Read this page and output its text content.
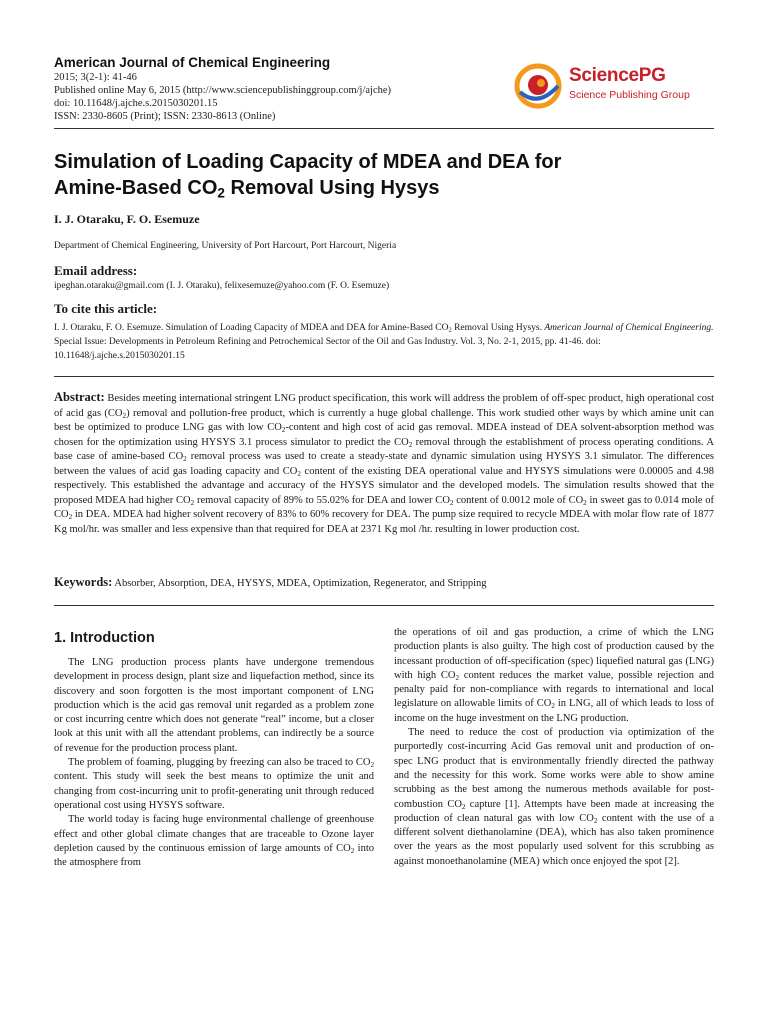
American Journal of Chemical Engineering
2015; 3(2-1): 41-46
Published online May 6, 2015 (http://www.sciencepublishinggroup.com/j/ajche)
doi: 10.11648/j.ajche.s.2015030201.15
ISSN: 2330-8605 (Print); ISSN: 2330-8613 (Online)
SciencePG
Science Publishing Group
Simulation of Loading Capacity of MDEA and DEA for
Amine-Based $CO_2$ Removal Using Hysys
I. J. Otaraku, F. O. Esemuze
Department of Chemical Engineering, University of Port Harcourt, Port Harcourt, Nigeria
Email address:
ipeghan.otaraku@gmail.com (I. J. Otaraku), felixesemuze@yahoo.com (F. O. Esemuze)
To cite this article:
I. J. Otaraku, F. O. Esemuze. Simulation of Loading Capacity of MDEA and DEA for Amine-Based $CO_2$ Removal Using Hysys. American Journal of Chemical Engineering. Special Issue: Developments in Petroleum Refining and Petrochemical Sector of the Oil and Gas Industry. Vol. 3, No. 2-1, 2015, pp. 41-46. doi: 10.11648/j.ajche.s.2015030201.15
Abstract: Besides meeting international stringent LNG product specification, this work will address the problem of off-spec product, high operational cost of acid gas $(CO_2)$ removal and pollution-free product, which is currently a huge global challenge. This work studied other ways by which amine unit can best be optimized to produce LNG gas with low $CO_2$-content and high cost of acid gas removal. MDEA instead of DEA solvent-absorption method was chosen for the optimization using HYSYS 3.1 process simulator to predict the $CO_2$ removal through the establishment of process operating conditions. A base case of amine-based $CO_2$ removal process was used to create a steady-state and dynamic simulation using HYSYS 3.1 simulator. The differences between the values of acid gas loading capacity and $CO_2$ content of the existing DEA operational value and HYSYS simulations were 0.00005 and 4.98 respectively. This established the advantage and accuracy of the HYSYS simulator and the developed models. The simulation results showed that the proposed MDEA had higher $CO_2$ removal capacity of 89% to 55.02% for DEA and lower $CO_2$ content of 0.0012 mole of $CO_2$ in sweet gas to 0.014 mole of $CO_2$ in DEA. MDEA had higher solvent recovery of 83% to 60% recovery for DEA. The pump size required to recycle MDEA with molar flow rate of 1877 Kg mol/hr. was smaller and less expensive than that required for DEA at 2371 Kg mol /hr. resulting in lower production cost.
Keywords: Absorber, Absorption, DEA, HYSYS, MDEA, Optimization, Regenerator, and Stripping
1. Introduction

The LNG production process plants have undergone tremendous development in process design, plant size and liquefaction method, since its discovery and soon forgotten is the most important component of LNG production which is the acid gas removal unit regarded as a problem zone or cost incurring centre which does not generate “real” income, but a closer look at this unit with all the attendant problems, can indirectly be a source of revenue for the production process plant.

The problem of foaming, plugging by freezing can also be traced to $CO_2$ content. This study will seek the best means to optimize the unit and changing from cost-incurring unit to profit-generating unit through reduced operational cost using HYSYS software.

The world today is facing huge environmental challenge of greenhouse effect and other global climate changes that are traceable to Ozone layer depletion caused by the continuous emission of large amounts of $CO_2$ into the atmosphere from

the operations of oil and gas production, a crime of which the LNG production plants is also guilty. The high cost of production caused by the incessant production of off-specification (spec) liquefied natural gas (LNG) with high $CO_2$ content reduces the market value, possible rejection and penalty paid for non-compliance with regards to international and local legislature on allowable limits of $CO_2$ in LNG, all of which leads to loss of income on the huge investment on the LNG production.

The need to reduce the cost of production via optimization of the purportedly cost-incurring Acid Gas removal unit and production of on-spec LNG product that is environmentally friendly directed the pathway and the necessity for this work. Some works were able to show amine scrubbing as the best among the numerous methods available for post-combustion $CO_2$ capture [1]. Attempts have been made at increasing the production of clean natural gas with low $CO_2$ content with the use of a different solvent diethanolamine (DEA), which has also taken prominence over the years as the most popularly used solvent for this scrubbing as against monoethanolamine (MEA) which once enjoyed the spot [2].
